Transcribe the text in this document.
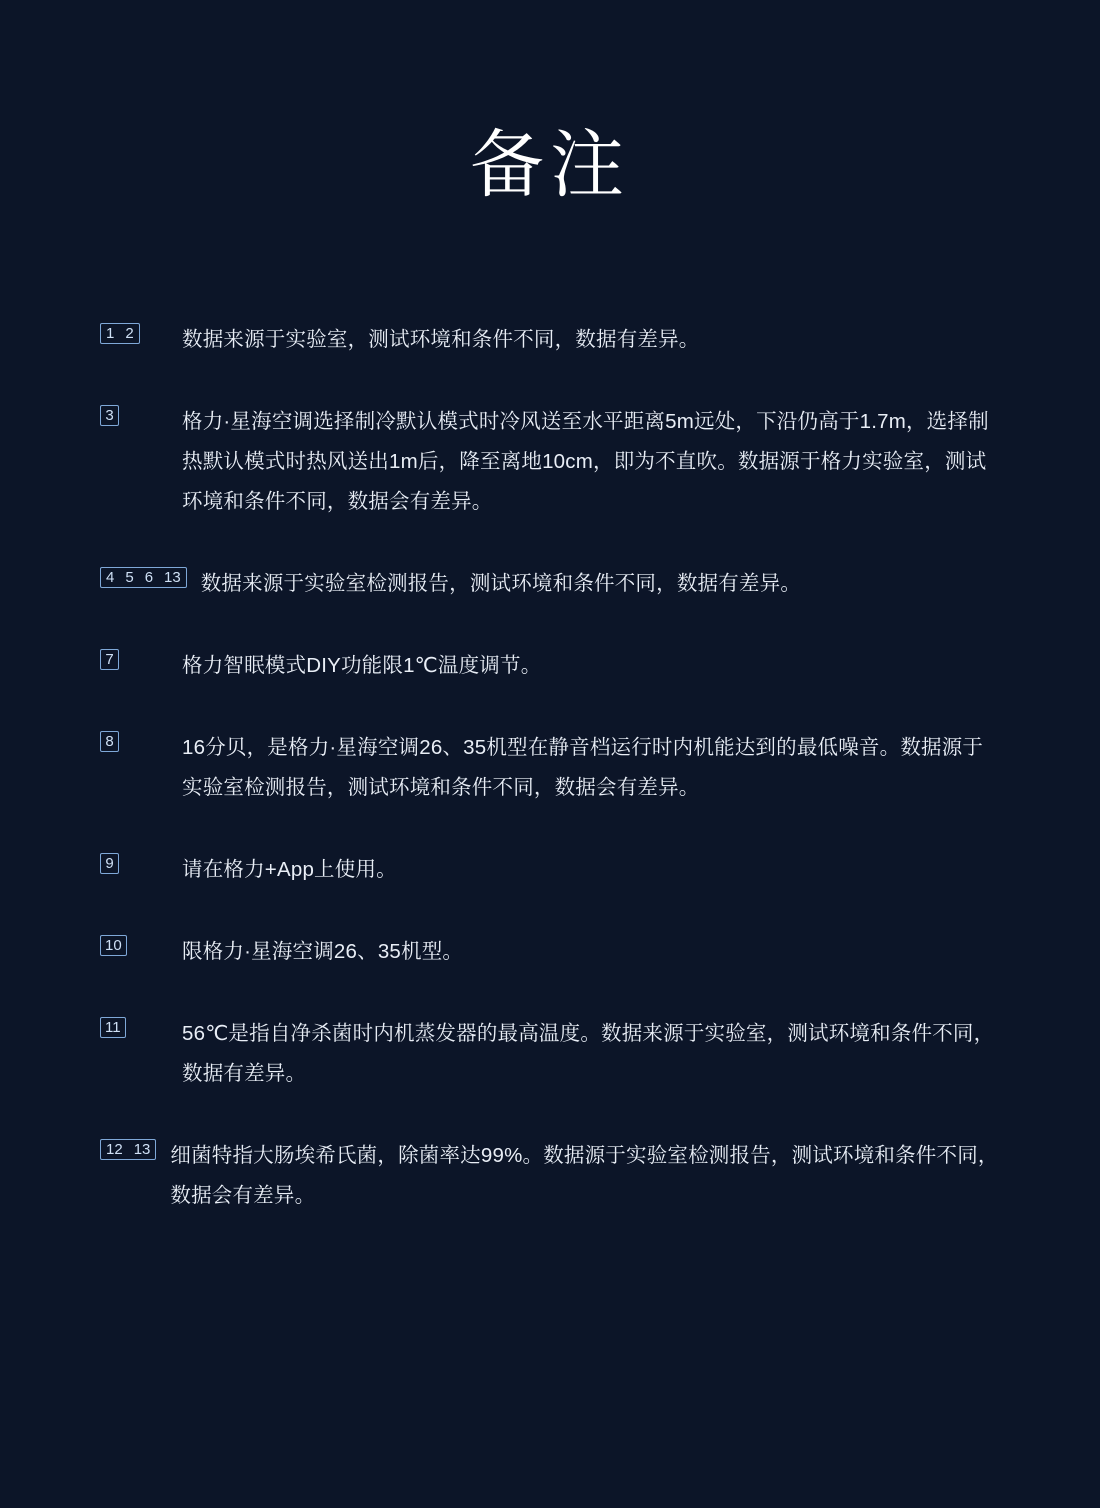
备注
1 2	数据来源于实验室，测试环境和条件不同，数据有差异。
3	格力·星海空调选择制冷默认模式时冷风送至水平距离5m远处，下沿仍高于1.7m，选择制热默认模式时热风送出1m后，降至离地10cm，即为不直吹。数据源于格力实验室，测试环境和条件不同，数据会有差异。
4 5 6 13 数据来源于实验室检测报告，测试环境和条件不同，数据有差异。
7	格力智眠模式DIY功能限1℃温度调节。
8	16分贝，是格力·星海空调26、35机型在静音档运行时内机能达到的最低噪音。数据源于实验室检测报告，测试环境和条件不同，数据会有差异。
9	请在格力+App上使用。
10	限格力·星海空调26、35机型。
11	56℃是指自净杀菌时内机蒸发器的最高温度。数据来源于实验室，测试环境和条件不同，数据有差异。
12 13 细菌特指大肠埃希氏菌，除菌率达99%。数据源于实验室检测报告，测试环境和条件不同，数据会有差异。
